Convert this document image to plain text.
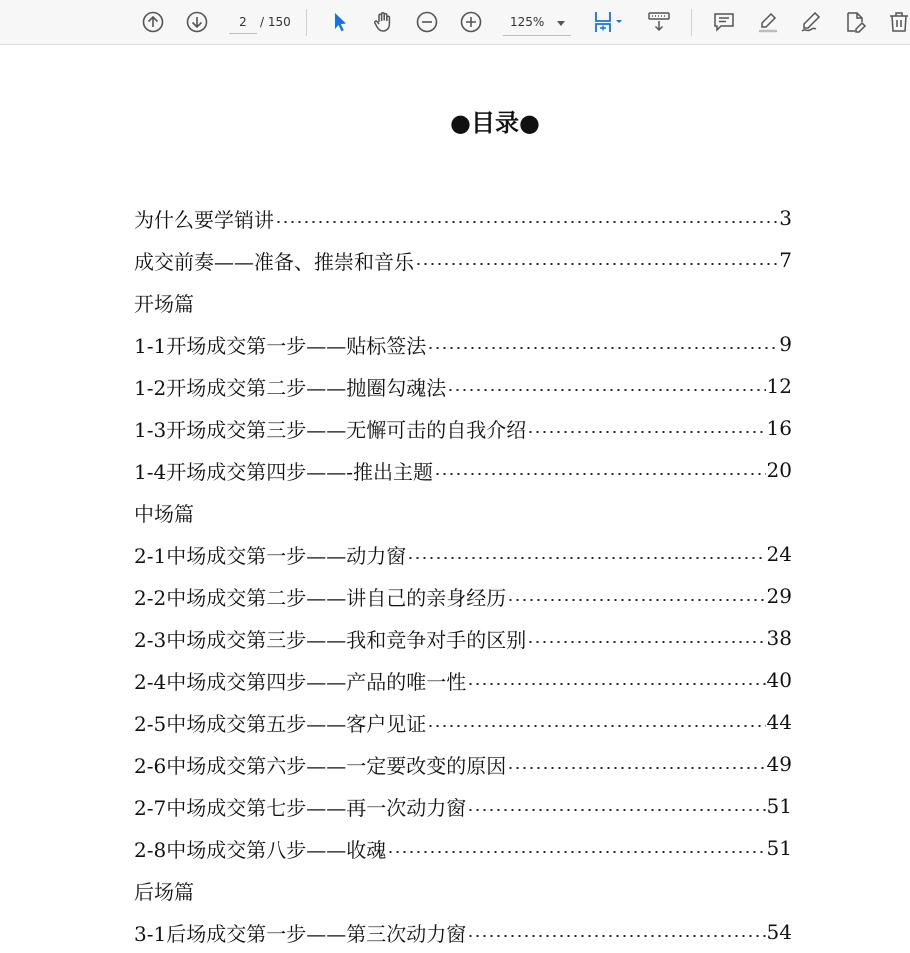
2
/ 150	125%
●目录●
为什么要学销讲	3
成交前奏——准备、推崇和音乐	7
开场篇
1-1开场成交第一步——贴标签法	9
1-2开场成交第二步——抛圈勾魂法	12
1-3开场成交第三步——无懈可击的自我介绍	16
1-4开场成交第四步——-推出主题	20
中场篇
2-1中场成交第一步——动力窗	24
2-2中场成交第二步——讲自己的亲身经历	29
2-3中场成交第三步——我和竞争对手的区别	38
2-4中场成交第四步——产品的唯一性	40
2-5中场成交第五步——客户见证	44
2-6中场成交第六步——一定要改变的原因	49
2-7中场成交第七步——再一次动力窗	51
2-8中场成交第八步——收魂	51
后场篇
3-1后场成交第一步——第三次动力窗	54
